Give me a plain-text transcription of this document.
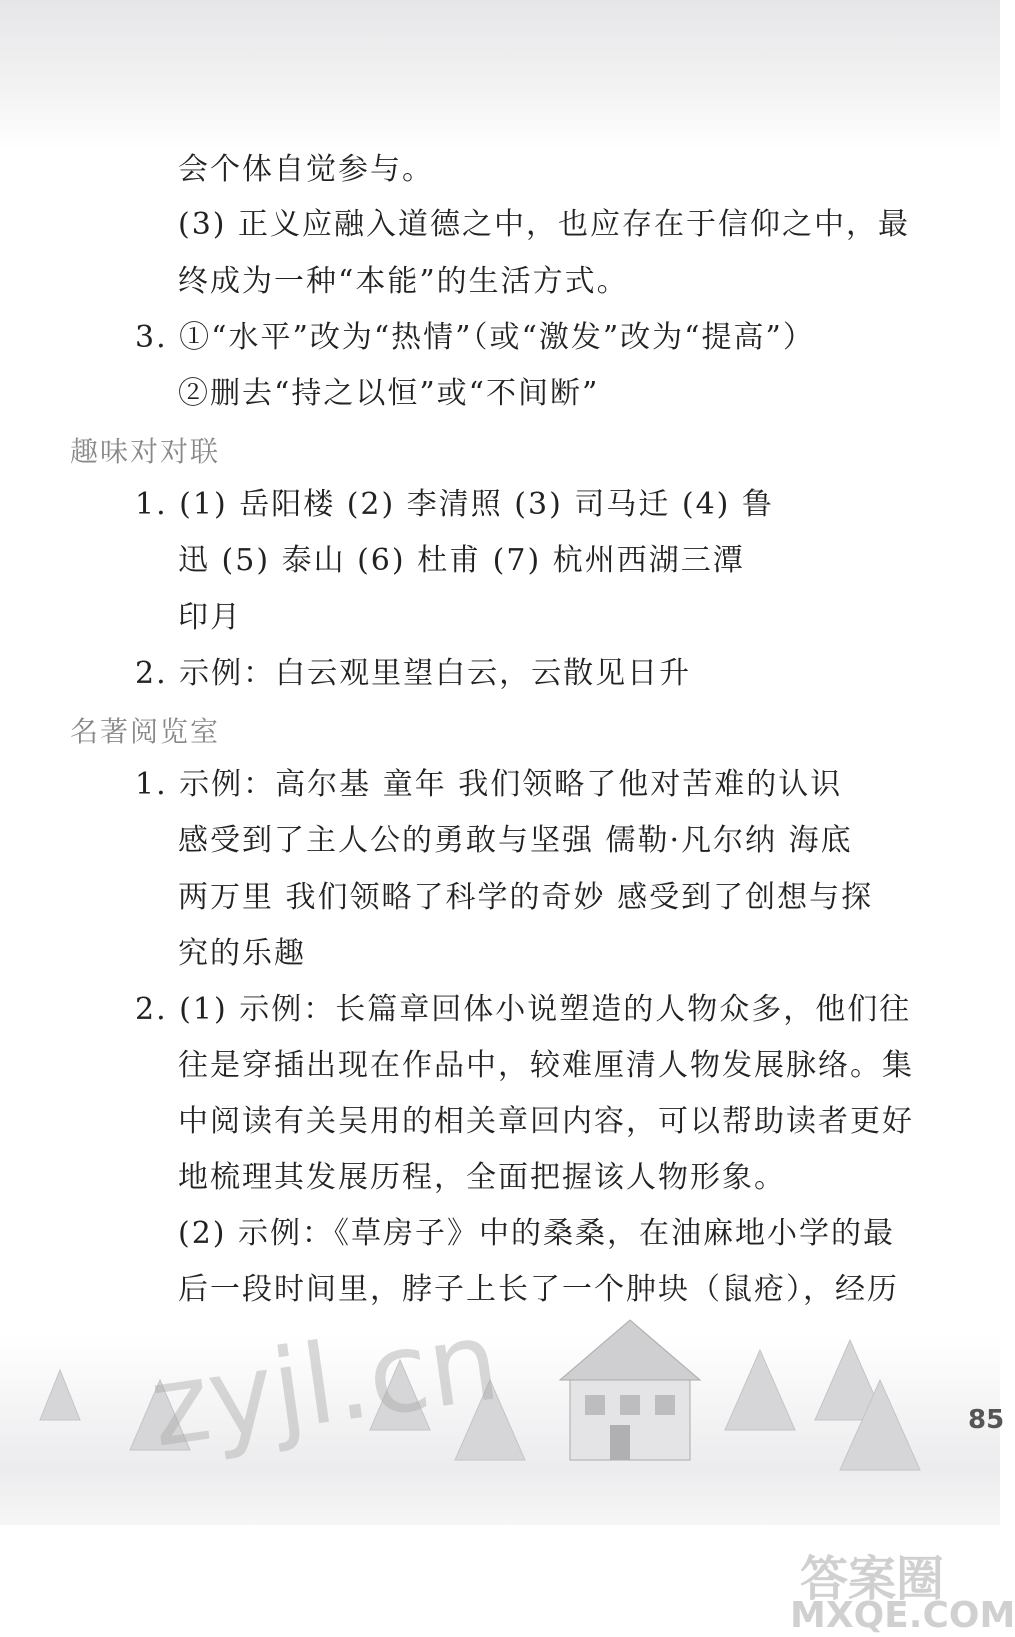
会个体自觉参与。
(3) 正义应融入道德之中，也应存在于信仰之中，最
终成为一种“本能”的生活方式。
3. ①“水平”改为“热情”（或“激发”改为“提高”）
②删去“持之以恒”或“不间断”
趣味对对联
1. (1) 岳阳楼 (2) 李清照 (3) 司马迁 (4) 鲁
迅 (5) 泰山 (6) 杜甫 (7) 杭州西湖三潭
印月
2. 示例：白云观里望白云，云散见日升
名著阅览室
1. 示例：高尔基 童年 我们领略了他对苦难的认识
感受到了主人公的勇敢与坚强 儒勒·凡尔纳 海底
两万里 我们领略了科学的奇妙 感受到了创想与探
究的乐趣
2. (1) 示例：长篇章回体小说塑造的人物众多，他们往
往是穿插出现在作品中，较难厘清人物发展脉络。集
中阅读有关吴用的相关章回内容，可以帮助读者更好
地梳理其发展历程，全面把握该人物形象。
(2) 示例：《草房子》中的桑桑，在油麻地小学的最
后一段时间里，脖子上长了一个肿块（鼠疮），经历
zyjl.cn	85
答案圈
MXQE.COM
